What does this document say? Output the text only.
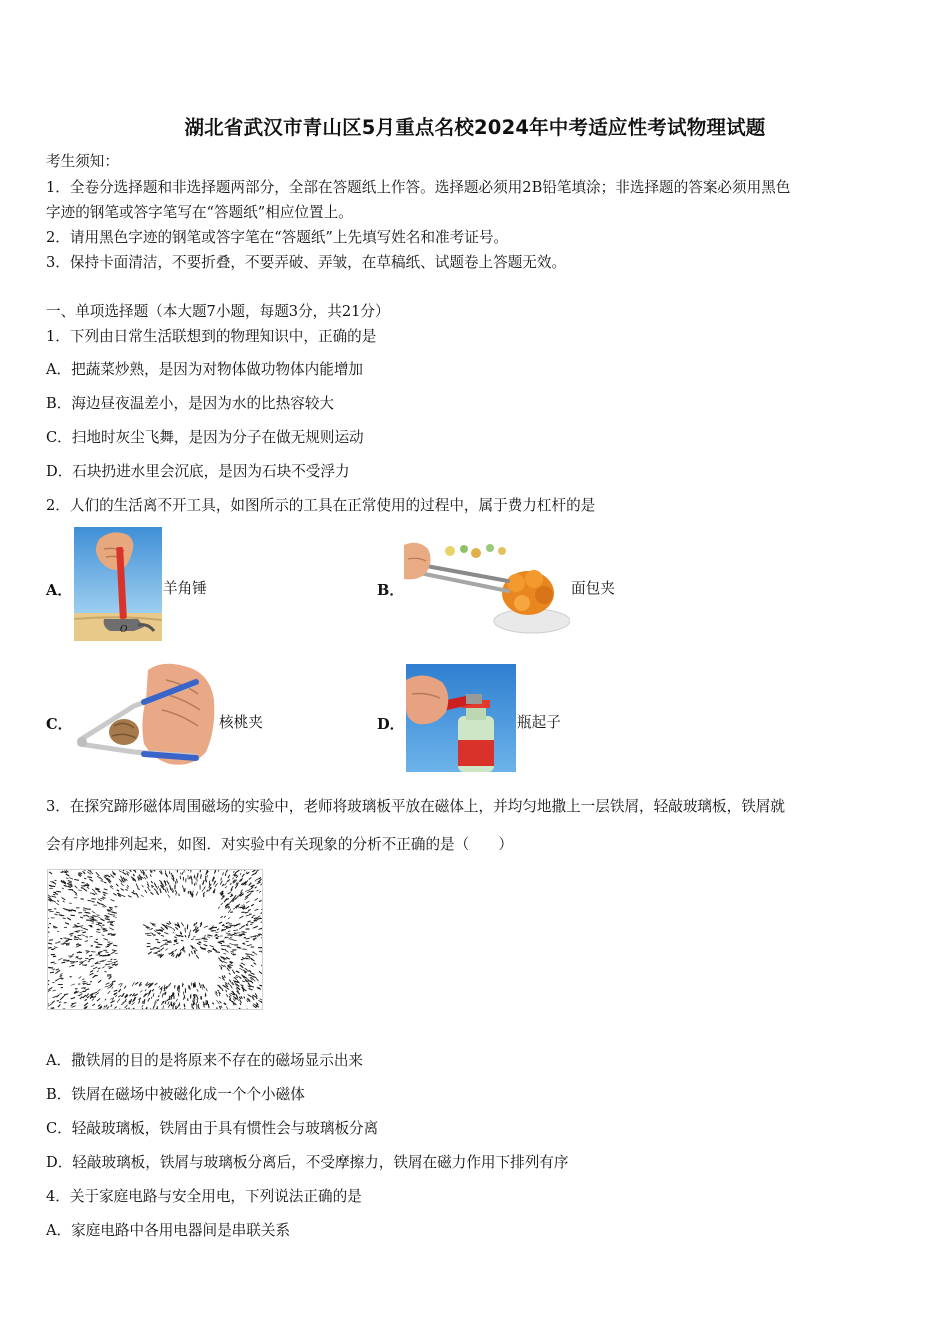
湖北省武汉市青山区5月重点名校2024年中考适应性考试物理试题
考生须知：
1．全卷分选择题和非选择题两部分，全部在答题纸上作答。选择题必须用2B铅笔填涂；非选择题的答案必须用黑色
字迹的钢笔或答字笔写在“答题纸”相应位置上。
2．请用黑色字迹的钢笔或答字笔在“答题纸”上先填写姓名和准考证号。
3．保持卡面清洁，不要折叠，不要弄破、弄皱，在草稿纸、试题卷上答题无效。
一、单项选择题（本大题7小题，每题3分，共21分）
1．下列由日常生活联想到的物理知识中，正确的是
A．把蔬菜炒熟，是因为对物体做功物体内能增加
B．海边昼夜温差小，是因为水的比热容较大
C．扫地时灰尘飞舞，是因为分子在做无规则运动
D．石块扔进水里会沉底，是因为石块不受浮力
2．人们的生活离不开工具，如图所示的工具在正常使用的过程中，属于费力杠杆的是
A．
O
羊角锤	B．	面包夹
C．	核桃夹	D．	瓶起子
3．在探究蹄形磁体周围磁场的实验中，老师将玻璃板平放在磁体上，并均匀地撒上一层铁屑，轻敲玻璃板，铁屑就
会有序地排列起来，如图．对实验中有关现象的分析不正确的是（　　）
A．撒铁屑的目的是将原来不存在的磁场显示出来
B．铁屑在磁场中被磁化成一个个小磁体
C．轻敲玻璃板，铁屑由于具有惯性会与玻璃板分离
D．轻敲玻璃板，铁屑与玻璃板分离后，不受摩擦力，铁屑在磁力作用下排列有序
4．关于家庭电路与安全用电，下列说法正确的是
A．家庭电路中各用电器间是串联关系
